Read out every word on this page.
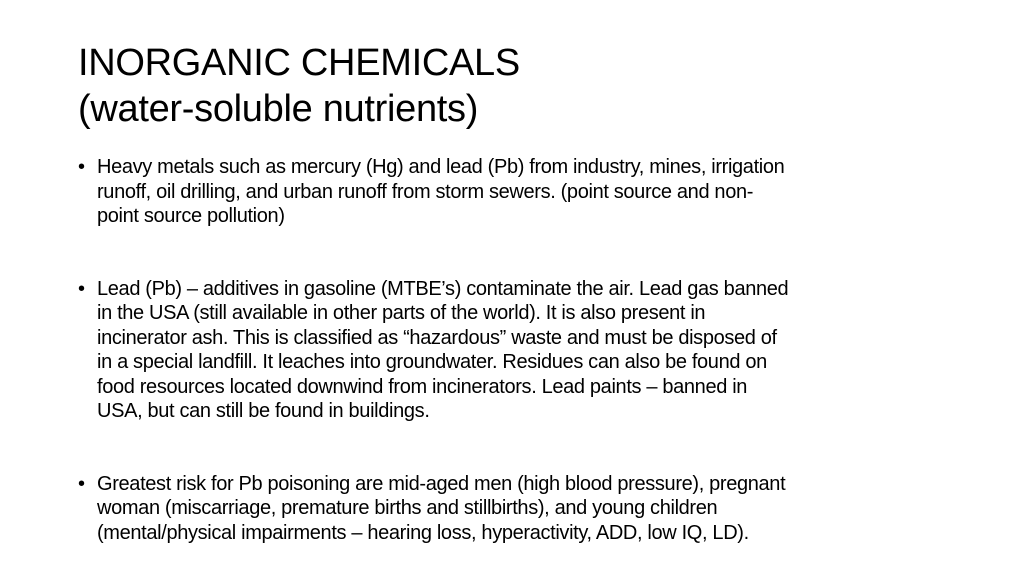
INORGANIC CHEMICALS
(water-soluble nutrients)
• Heavy metals such as mercury (Hg) and lead (Pb) from industry, mines, irrigation
runoff, oil drilling, and urban runoff from storm sewers. (point source and non-
point source pollution)
• Lead (Pb) – additives in gasoline (MTBE’s) contaminate the air. Lead gas banned
in the USA (still available in other parts of the world). It is also present in
incinerator ash. This is classified as “hazardous” waste and must be disposed of
in a special landfill. It leaches into groundwater. Residues can also be found on
food resources located downwind from incinerators. Lead paints – banned in
USA, but can still be found in buildings.
• Greatest risk for Pb poisoning are mid-aged men (high blood pressure), pregnant
woman (miscarriage, premature births and stillbirths), and young children
(mental/physical impairments – hearing loss, hyperactivity, ADD, low IQ, LD).
